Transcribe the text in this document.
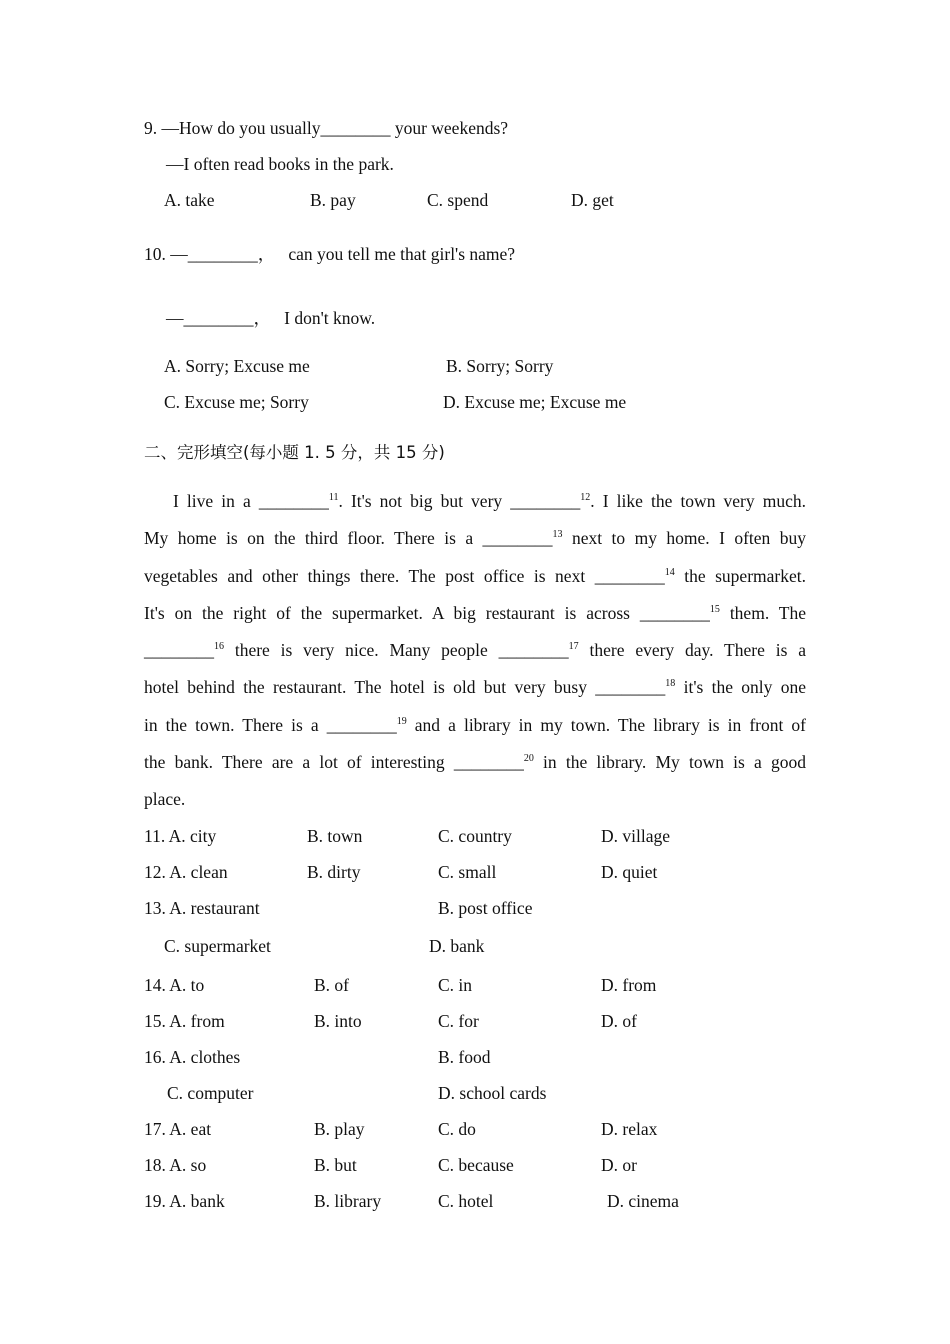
9. —How do you usually________ your weekends?
—I often read books in the park.
A. take	B. pay	C. spend	D. get
10. —________，   can you tell me that girl's name?
—________，   I don't know.
A. Sorry; Excuse me	B. Sorry; Sorry
C. Excuse me; Sorry	D. Excuse me; Excuse me
二、完形填空(每小题 1. 5 分，共 15 分)
I live in a ________$^{11}$. It's not big but very ________$^{12}$. I like the town very much.
My home is on the third floor. There is a ________$^{13}$ next to my home. I often buy
vegetables and other things there. The post office is next ________$^{14}$ the supermarket.
It's on the right of the supermarket. A big restaurant is across ________$^{15}$ them. The
________$^{16}$ there is very nice. Many people ________$^{17}$ there every day. There is a
hotel behind the restaurant. The hotel is old but very busy ________$^{18}$ it's the only one
in the town. There is a ________$^{19}$ and a library in my town. The library is in front of
the bank. There are a lot of interesting ________$^{20}$ in the library. My town is a good
place.
11. A. city	B. town	C. country	D. village
12. A. clean	B. dirty	C. small	D. quiet
13. A. restaurant	B. post office
C. supermarket	D. bank
14. A. to	B. of	C. in	D. from
15. A. from	B. into	C. for	D. of
16. A. clothes	B. food
C. computer	D. school cards
17. A. eat	B. play	C. do	D. relax
18. A. so	B. but	C. because	D. or
19. A. bank	B. library	C. hotel	D. cinema
